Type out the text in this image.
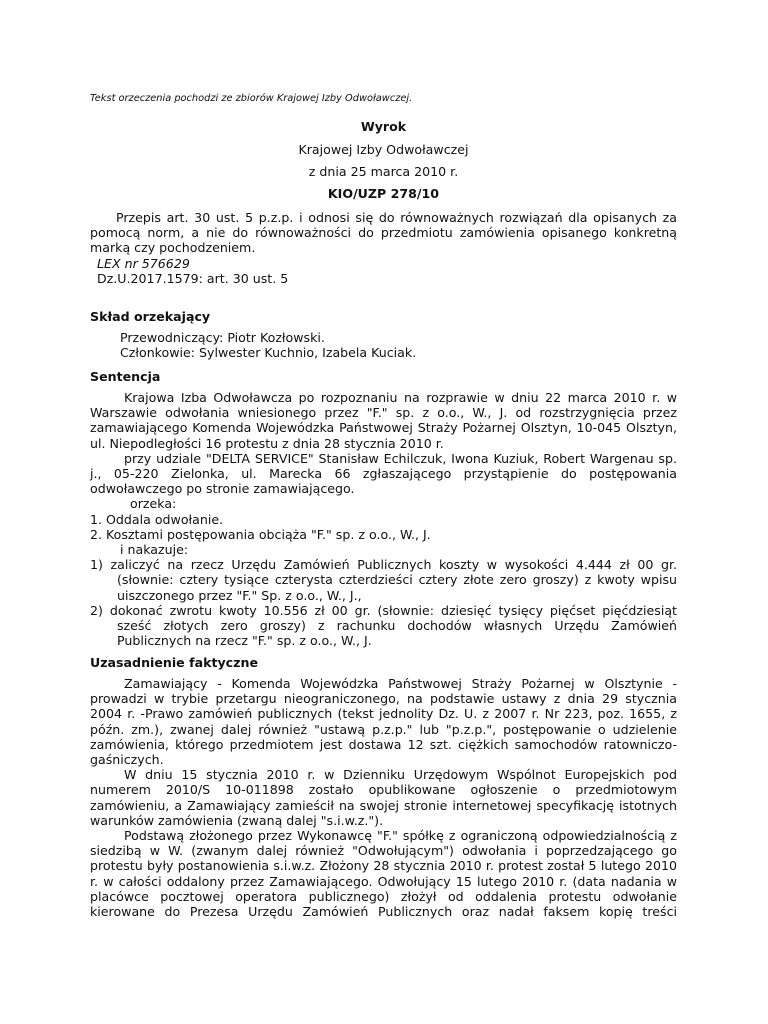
Tekst orzeczenia pochodzi ze zbiorów Krajowej Izby Odwoławczej.

Wyrok

Krajowej Izby Odwoławczej

z dnia 25 marca 2010 r.

KIO/UZP 278/10

Przepis art. 30 ust. 5 p.z.p. i odnosi się do równoważnych rozwiązań dla opisanych za pomocą norm, a nie do równoważności do przedmiotu zamówienia opisanego konkretną marką czy pochodzeniem.

LEX nr 576629

Dz.U.2017.1579: art. 30 ust. 5

Skład orzekający

Przewodniczący: Piotr Kozłowski.

Członkowie: Sylwester Kuchnio, Izabela Kuciak.

Sentencja

Krajowa Izba Odwoławcza po rozpoznaniu na rozprawie w dniu 22 marca 2010 r. w Warszawie odwołania wniesionego przez "F." sp. z o.o., W., J. od rozstrzygnięcia przez zamawiającego Komenda Wojewódzka Państwowej Straży Pożarnej Olsztyn, 10-045 Olsztyn, ul. Niepodległości 16 protestu z dnia 28 stycznia 2010 r.

przy udziale "DELTA SERVICE" Stanisław Echilczuk, Iwona Kuziuk, Robert Wargenau sp. j., 05-220 Zielonka, ul. Marecka 66 zgłaszającego przystąpienie do postępowania odwoławczego po stronie zamawiającego.

orzeka:

1. Oddala odwołanie.

2. Kosztami postępowania obciąża "F." sp. z o.o., W., J.

i nakazuje:

1) zaliczyć na rzecz Urzędu Zamówień Publicznych koszty w wysokości 4.444 zł 00 gr. (słownie: cztery tysiące czterysta czterdzieści cztery złote zero groszy) z kwoty wpisu uiszczonego przez "F." Sp. z o.o., W., J.,

2) dokonać zwrotu kwoty 10.556 zł 00 gr. (słownie: dziesięć tysięcy pięćset pięćdziesiąt sześć złotych zero groszy) z rachunku dochodów własnych Urzędu Zamówień Publicznych na rzecz "F." sp. z o.o., W., J.

Uzasadnienie faktyczne

Zamawiający - Komenda Wojewódzka Państwowej Straży Pożarnej w Olsztynie - prowadzi w trybie przetargu nieograniczonego, na podstawie ustawy z dnia 29 stycznia 2004 r. -Prawo zamówień publicznych (tekst jednolity Dz. U. z 2007 r. Nr 223, poz. 1655, z późn. zm.), zwanej dalej również "ustawą p.z.p." lub "p.z.p.", postępowanie o udzielenie zamówienia, którego przedmiotem jest dostawa 12 szt. ciężkich samochodów ratowniczo-gaśniczych.

W dniu 15 stycznia 2010 r. w Dzienniku Urzędowym Wspólnot Europejskich pod numerem 2010/S 10-011898 zostało opublikowane ogłoszenie o przedmiotowym zamówieniu, a Zamawiający zamieścił na swojej stronie internetowej specyfikację istotnych warunków zamówienia (zwaną dalej "s.i.w.z.").

Podstawą złożonego przez Wykonawcę "F." spółkę z ograniczoną odpowiedzialnością z siedzibą w W. (zwanym dalej również "Odwołującym") odwołania i poprzedzającego go protestu były postanowienia s.i.w.z. Złożony 28 stycznia 2010 r. protest został 5 lutego 2010 r. w całości oddalony przez Zamawiającego. Odwołujący 15 lutego 2010 r. (data nadania w placówce pocztowej operatora publicznego) złożył od oddalenia protestu odwołanie kierowane do Prezesa Urzędu Zamówień Publicznych oraz nadał faksem kopię treści
